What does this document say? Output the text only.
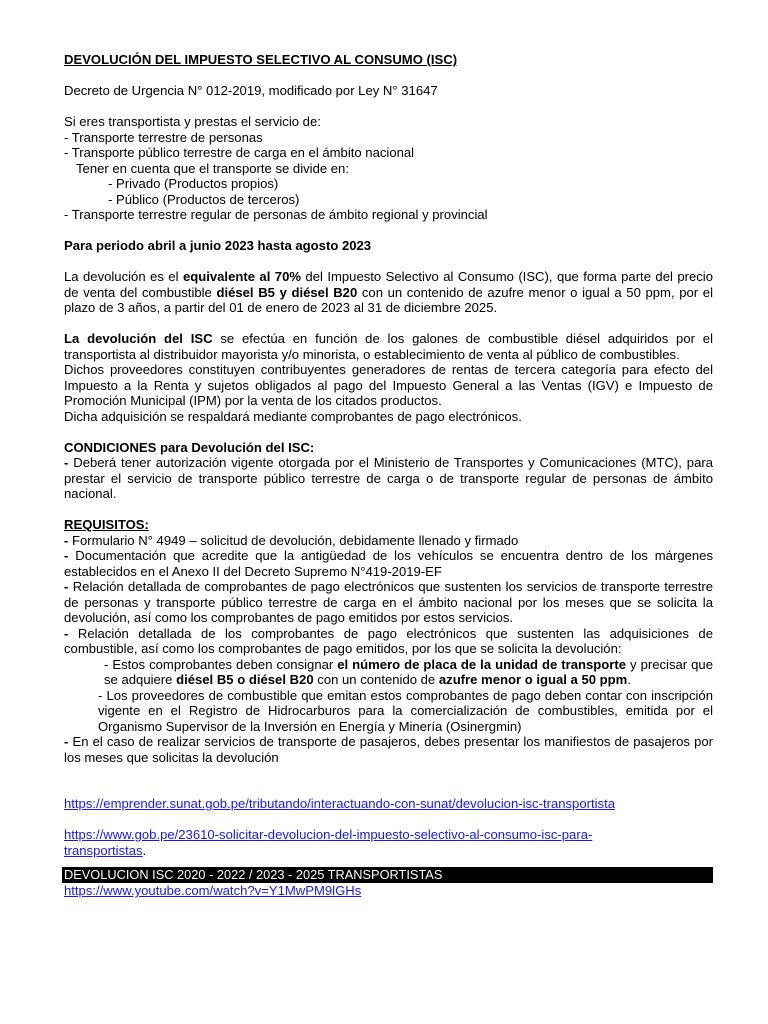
DEVOLUCIÓN DEL IMPUESTO SELECTIVO AL CONSUMO (ISC)

Decreto de Urgencia N° 012-2019, modificado por Ley N° 31647

Si eres transportista y prestas el servicio de:

- Transporte terrestre de personas

- Transporte público terrestre de carga en el ámbito nacional

Tener en cuenta que el transporte se divide en:

- Privado (Productos propios)

- Público (Productos de terceros)

- Transporte terrestre regular de personas de ámbito regional y provincial

Para periodo abril a junio 2023 hasta agosto 2023

La devolución es el equivalente al 70% del Impuesto Selectivo al Consumo (ISC), que forma parte del precio de venta del combustible diésel B5 y diésel B20 con un contenido de azufre menor o igual a 50 ppm, por el plazo de 3 años, a partir del 01 de enero de 2023 al 31 de diciembre 2025.

La devolución del ISC se efectúa en función de los galones de combustible diésel adquiridos por el transportista al distribuidor mayorista y/o minorista, o establecimiento de venta al público de combustibles.

Dichos proveedores constituyen contribuyentes generadores de rentas de tercera categoría para efecto del Impuesto a la Renta y sujetos obligados al pago del Impuesto General a las Ventas (IGV) e Impuesto de Promoción Municipal (IPM) por la venta de los citados productos.

Dicha adquisición se respaldará mediante comprobantes de pago electrónicos.

CONDICIONES para Devolución del ISC:

- Deberá tener autorización vigente otorgada por el Ministerio de Transportes y Comunicaciones (MTC), para prestar el servicio de transporte público terrestre de carga o de transporte regular de personas de ámbito nacional.

REQUISITOS:

- Formulario N° 4949 – solicitud de devolución, debidamente llenado y firmado

- Documentación que acredite que la antigüedad de los vehículos se encuentra dentro de los márgenes establecidos en el Anexo II del Decreto Supremo N°419-2019-EF

- Relación detallada de comprobantes de pago electrónicos que sustenten los servicios de transporte terrestre de personas y transporte público terrestre de carga en el ámbito nacional por los meses que se solicita la devolución, así como los comprobantes de pago emitidos por estos servicios.

- Relación detallada de los comprobantes de pago electrónicos que sustenten las adquisiciones de combustible, así como los comprobantes de pago emitidos, por los que se solicita la devolución:

- Estos comprobantes deben consignar el número de placa de la unidad de transporte y precisar que se adquiere diésel B5 o diésel B20 con un contenido de azufre menor o igual a 50 ppm.

- Los proveedores de combustible que emitan estos comprobantes de pago deben contar con inscripción vigente en el Registro de Hidrocarburos para la comercialización de combustibles, emitida por el Organismo Supervisor de la Inversión en Energía y Minería (Osinergmin)

- En el caso de realizar servicios de transporte de pasajeros, debes presentar los manifiestos de pasajeros por los meses que solicitas la devolución

https://emprender.sunat.gob.pe/tributando/interactuando-con-sunat/devolucion-isc-transportista

https://www.gob.pe/23610-solicitar-devolucion-del-impuesto-selectivo-al-consumo-isc-para-
transportistas.

DEVOLUCION ISC 2020 - 2022 / 2023 - 2025 TRANSPORTISTAS

https://www.youtube.com/watch?v=Y1MwPM9lGHs
